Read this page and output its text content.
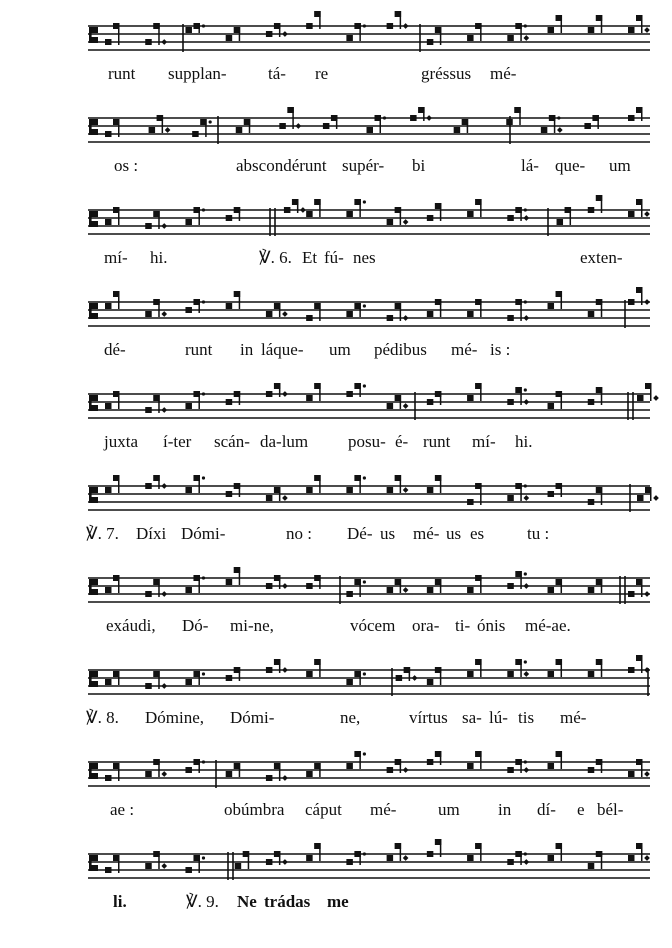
runt supplan- tá- re	gréssus mé-
os :	abscondérunt supér- bi	lá- que- um
mí- hi.	℣. 6. Et fú- nes	exten-
dé-	runt in láque- um pédibus mé- is :
juxta í-ter scán- da-lum posu- é- runt mí- hi.
℣. 7. Díxi Dómi-	no : Dé- us mé- us es	tu :
exáudi, Dó- mi-ne,	vócem ora- ti- ónis mé-ae.
℣. 8. Dómine, Dómi-	ne,	vírtus sa- lú- tis mé-
ae :	obúmbra cáput mé- um in dí- e bél-
li.	℣. 9. Ne trádas me
